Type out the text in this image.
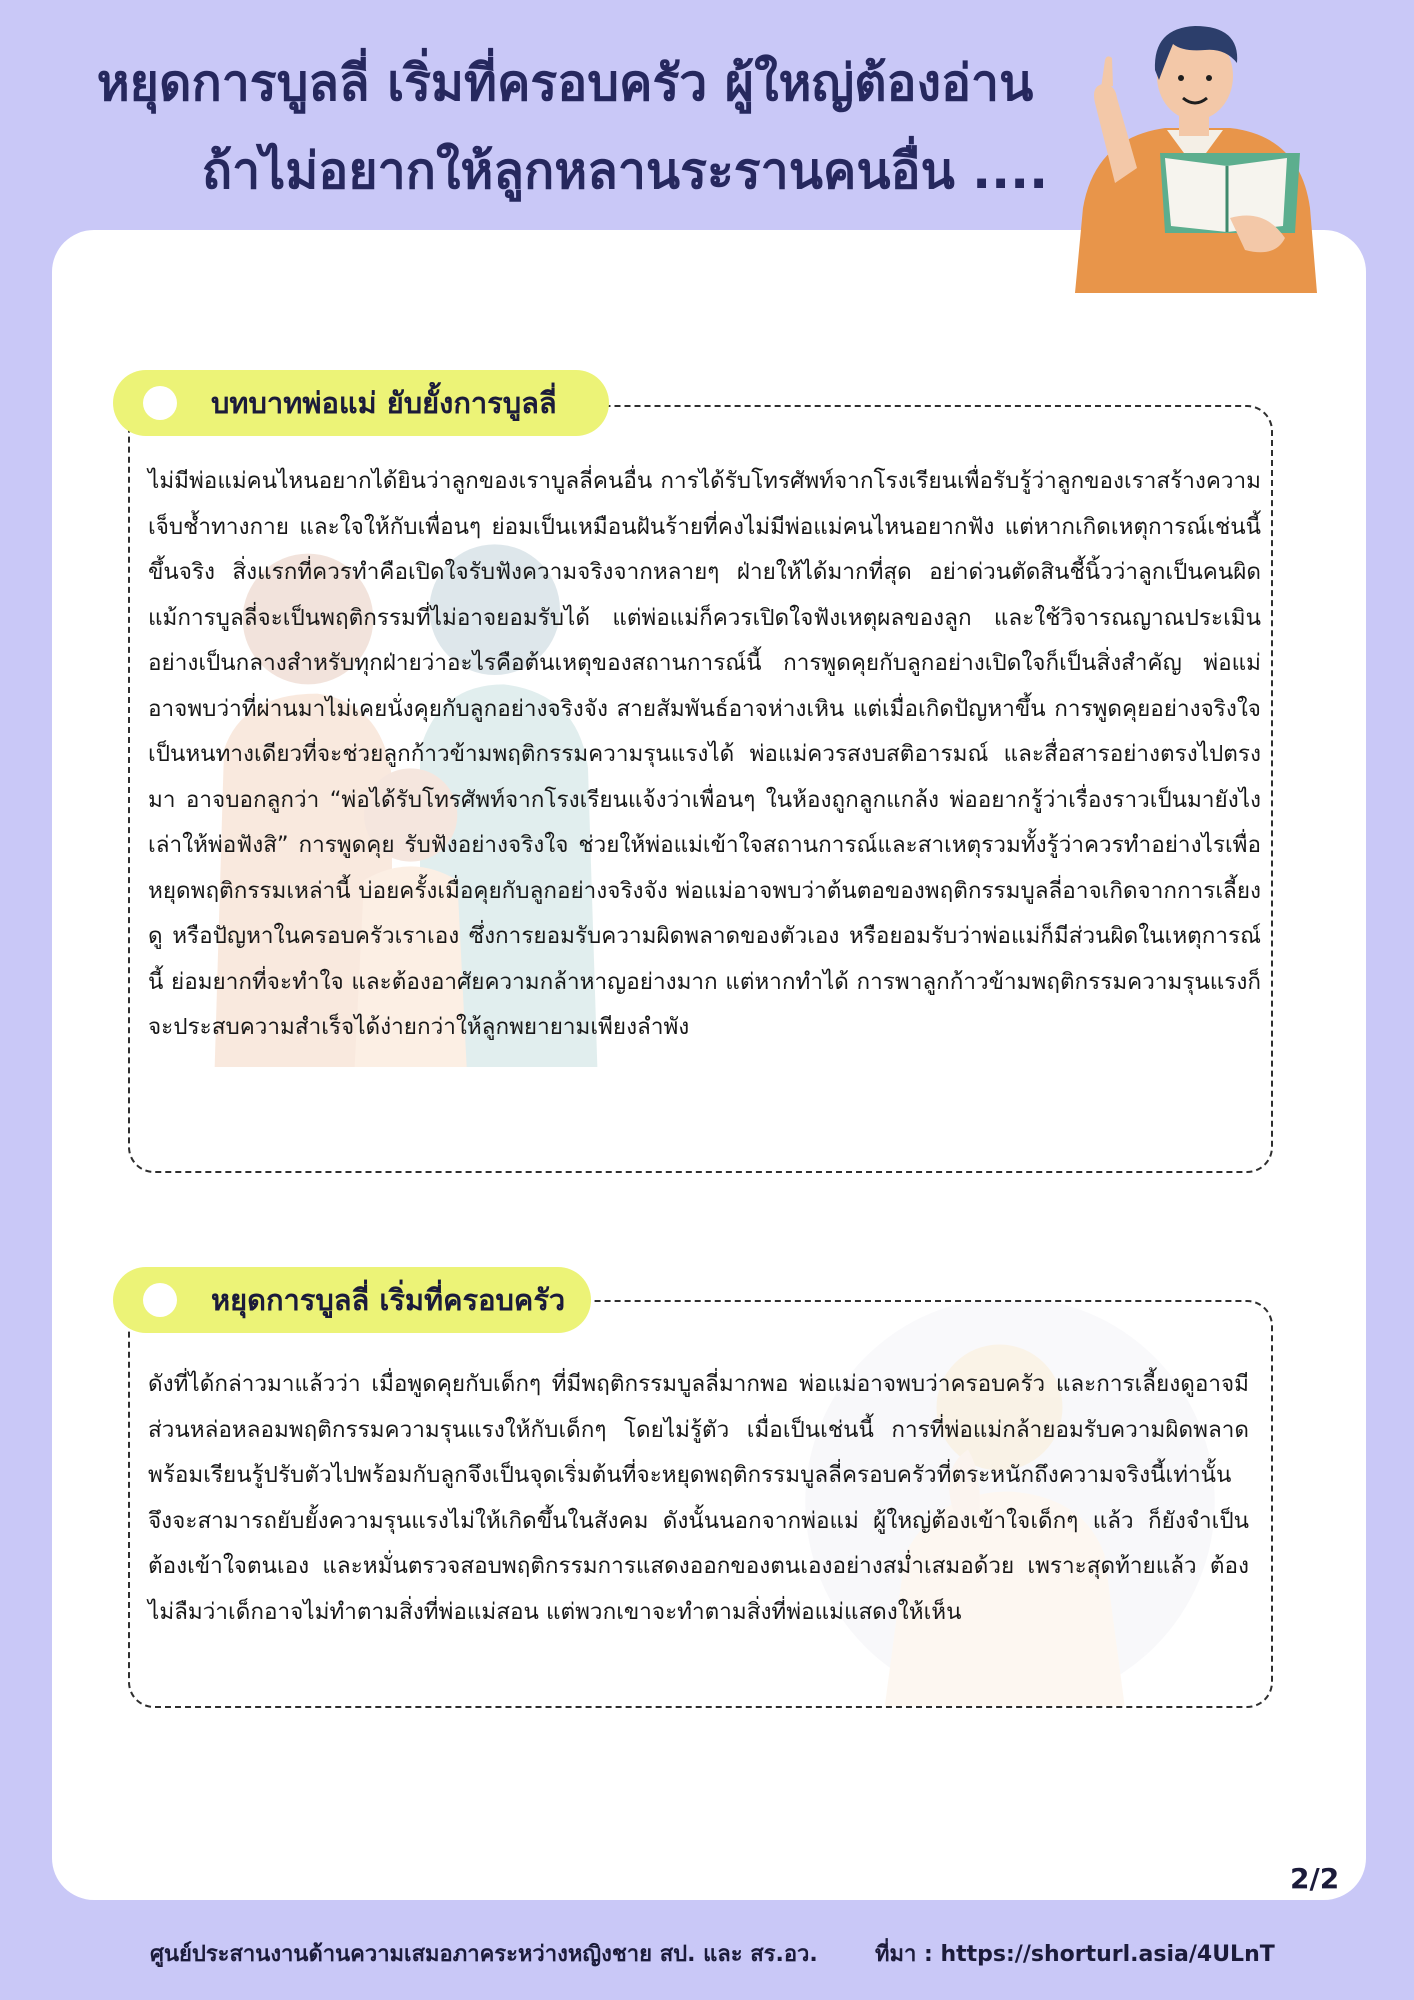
หยุดการบูลลี่ เริ่มที่ครอบครัว ผู้ใหญ่ต้องอ่าน
ถ้าไม่อยากให้ลูกหลานระรานคนอื่น ....
ไม่มีพ่อแม่คนไหนอยากได้ยินว่าลูกของเราบูลลี่คนอื่น การได้รับโทรศัพท์จากโรงเรียนเพื่อรับรู้ว่าลูกของเราสร้างความเจ็บช้ำทางกาย และใจให้กับเพื่อนๆ ย่อมเป็นเหมือนฝันร้ายที่คงไม่มีพ่อแม่คนไหนอยากฟัง แต่หากเกิดเหตุการณ์เช่นนี้ขึ้นจริง สิ่งแรกที่ควรทำคือเปิดใจรับฟังความจริงจากหลายๆ ฝ่ายให้ได้มากที่สุด อย่าด่วนตัดสินชี้นิ้วว่าลูกเป็นคนผิด แม้การบูลลี่จะเป็นพฤติกรรมที่ไม่อาจยอมรับได้ แต่พ่อแม่ก็ควรเปิดใจฟังเหตุผลของลูก และใช้วิจารณญาณประเมินอย่างเป็นกลางสำหรับทุกฝ่ายว่าอะไรคือต้นเหตุของสถานการณ์นี้ การพูดคุยกับลูกอย่างเปิดใจก็เป็นสิ่งสำคัญ พ่อแม่อาจพบว่าที่ผ่านมาไม่เคยนั่งคุยกับลูกอย่างจริงจัง สายสัมพันธ์อาจห่างเหิน แต่เมื่อเกิดปัญหาขึ้น การพูดคุยอย่างจริงใจเป็นหนทางเดียวที่จะช่วยลูกก้าวข้ามพฤติกรรมความรุนแรงได้ พ่อแม่ควรสงบสติอารมณ์ และสื่อสารอย่างตรงไปตรงมา อาจบอกลูกว่า “พ่อได้รับโทรศัพท์จากโรงเรียนแจ้งว่าเพื่อนๆ ในห้องถูกลูกแกล้ง พ่ออยากรู้ว่าเรื่องราวเป็นมายังไง เล่าให้พ่อฟังสิ” การพูดคุย รับฟังอย่างจริงใจ ช่วยให้พ่อแม่เข้าใจสถานการณ์และสาเหตุรวมทั้งรู้ว่าควรทำอย่างไรเพื่อหยุดพฤติกรรมเหล่านี้ บ่อยครั้งเมื่อคุยกับลูกอย่างจริงจัง พ่อแม่อาจพบว่าต้นตอของพฤติกรรมบูลลี่อาจเกิดจากการเลี้ยงดู หรือปัญหาในครอบครัวเราเอง ซึ่งการยอมรับความผิดพลาดของตัวเอง หรือยอมรับว่าพ่อแม่ก็มีส่วนผิดในเหตุการณ์นี้ ย่อมยากที่จะทำใจ และต้องอาศัยความกล้าหาญอย่างมาก แต่หากทำได้ การพาลูกก้าวข้ามพฤติกรรมความรุนแรงก็จะประสบความสำเร็จได้ง่ายกว่าให้ลูกพยายามเพียงลำพัง
บทบาทพ่อแม่ ยับยั้งการบูลลี่
ดังที่ได้กล่าวมาแล้วว่า เมื่อพูดคุยกับเด็กๆ ที่มีพฤติกรรมบูลลี่มากพอ พ่อแม่อาจพบว่าครอบครัว และการเลี้ยงดูอาจมีส่วนหล่อหลอมพฤติกรรมความรุนแรงให้กับเด็กๆ โดยไม่รู้ตัว เมื่อเป็นเช่นนี้ การที่พ่อแม่กล้ายอมรับความผิดพลาด พร้อมเรียนรู้ปรับตัวไปพร้อมกับลูกจึงเป็นจุดเริ่มต้นที่จะหยุดพฤติกรรมบูลลี่ครอบครัวที่ตระหนักถึงความจริงนี้เท่านั้น จึงจะสามารถยับยั้งความรุนแรงไม่ให้เกิดขึ้นในสังคม ดังนั้นนอกจากพ่อแม่ ผู้ใหญ่ต้องเข้าใจเด็กๆ แล้ว ก็ยังจำเป็นต้องเข้าใจตนเอง และหมั่นตรวจสอบพฤติกรรมการแสดงออกของตนเองอย่างสม่ำเสมอด้วย เพราะสุดท้ายแล้ว ต้องไม่ลืมว่าเด็กอาจไม่ทำตามสิ่งที่พ่อแม่สอน แต่พวกเขาจะทำตามสิ่งที่พ่อแม่แสดงให้เห็น
หยุดการบูลลี่ เริ่มที่ครอบครัว
2/2
ศูนย์ประสานงานด้านความเสมอภาคระหว่างหญิงชาย สป. และ สร.อว.	ที่มา : https://shorturl.asia/4ULnT
